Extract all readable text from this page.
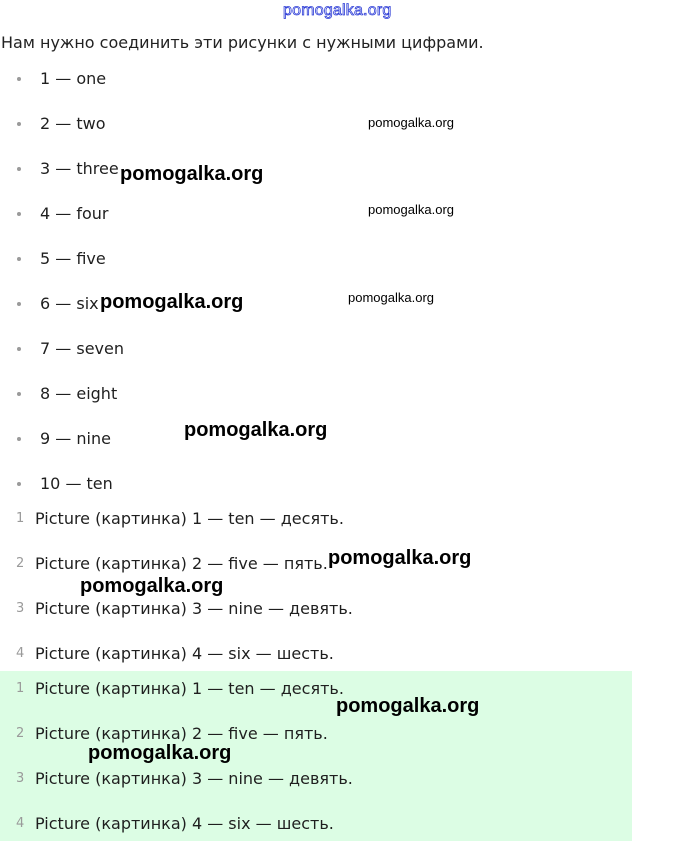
pomogalka.org
Нам нужно соединить эти рисунки с нужными цифрами.
1 — one
2 — two
3 — three
4 — four
5 — five
6 — six
7 — seven
8 — eight
9 — nine
10 — ten
1 Picture (картинка) 1 — ten — десять.
2 Picture (картинка) 2 — five — пять.
3 Picture (картинка) 3 — nine — девять.
4 Picture (картинка) 4 — six — шесть.
1 Picture (картинка) 1 — ten — десять.
2 Picture (картинка) 2 — five — пять.
3 Picture (картинка) 3 — nine — девять.
4 Picture (картинка) 4 — six — шесть.
pomogalka.org
pomogalka.org
pomogalka.org
pomogalka.org	pomogalka.org
pomogalka.org
pomogalka.org
pomogalka.org
pomogalka.org
pomogalka.org
